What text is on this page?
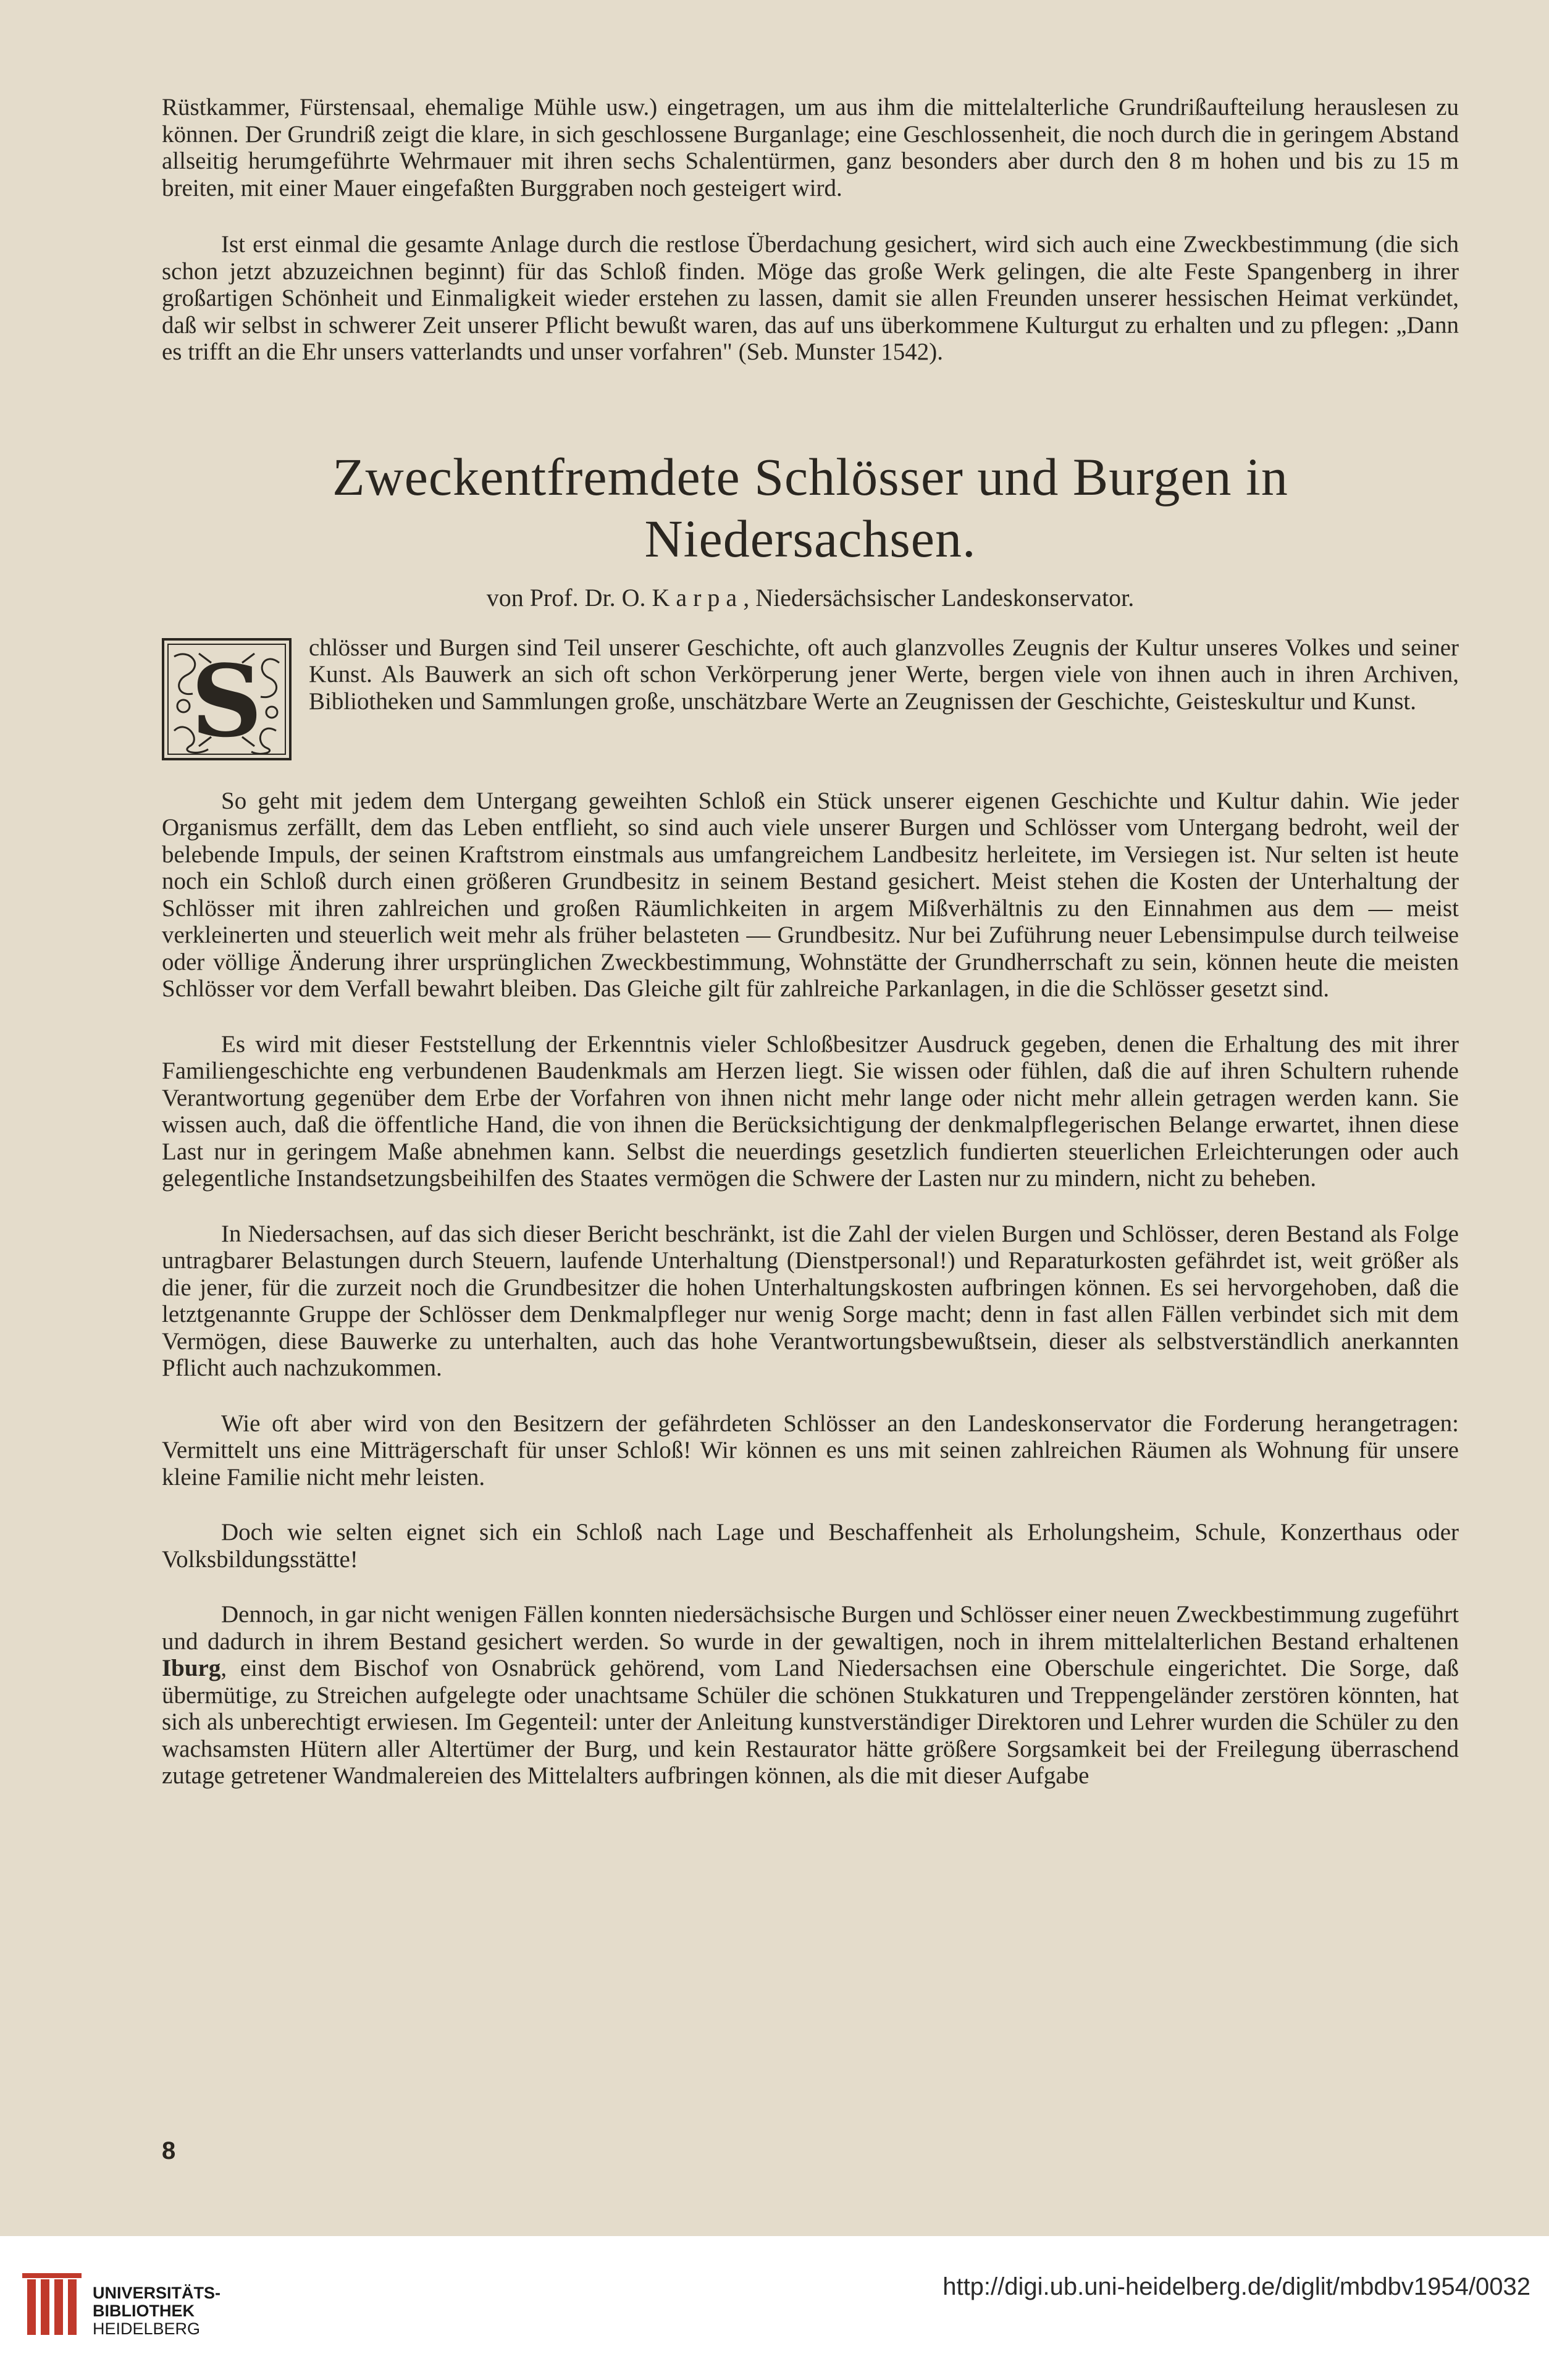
Rüstkammer, Fürstensaal, ehemalige Mühle usw.) eingetragen, um aus ihm die mittelalterliche Grundrißaufteilung herauslesen zu können. Der Grundriß zeigt die klare, in sich geschlossene Burganlage; eine Geschlossenheit, die noch durch die in geringem Abstand allseitig herumgeführte Wehrmauer mit ihren sechs Schalentürmen, ganz besonders aber durch den 8 m hohen und bis zu 15 m breiten, mit einer Mauer eingefaßten Burggraben noch gesteigert wird.

Ist erst einmal die gesamte Anlage durch die restlose Überdachung gesichert, wird sich auch eine Zweckbestimmung (die sich schon jetzt abzuzeichnen beginnt) für das Schloß finden. Möge das große Werk gelingen, die alte Feste Spangenberg in ihrer großartigen Schönheit und Einmaligkeit wieder erstehen zu lassen, damit sie allen Freunden unserer hessischen Heimat verkündet, daß wir selbst in schwerer Zeit unserer Pflicht bewußt waren, das auf uns überkommene Kulturgut zu erhalten und zu pflegen: „Dann es trifft an die Ehr unsers vatterlandts und unser vorfahren" (Seb. Munster 1542).

Zweckentfremdete Schlösser und Burgen in Niedersachsen.

von Prof. Dr. O. Karpa, Niedersächsischer Landeskonservator.

S chlösser und Burgen sind Teil unserer Geschichte, oft auch glanzvolles Zeugnis der Kultur unseres Volkes und seiner Kunst. Als Bauwerk an sich oft schon Verkörperung jener Werte, bergen viele von ihnen auch in ihren Archiven, Bibliotheken und Sammlungen große, unschätzbare Werte an Zeugnissen der Geschichte, Geisteskultur und Kunst.

So geht mit jedem dem Untergang geweihten Schloß ein Stück unserer eigenen Geschichte und Kultur dahin. Wie jeder Organismus zerfällt, dem das Leben entflieht, so sind auch viele unserer Burgen und Schlösser vom Untergang bedroht, weil der belebende Impuls, der seinen Kraftstrom einstmals aus umfangreichem Landbesitz herleitete, im Versiegen ist. Nur selten ist heute noch ein Schloß durch einen größeren Grundbesitz in seinem Bestand gesichert. Meist stehen die Kosten der Unterhaltung der Schlösser mit ihren zahlreichen und großen Räumlichkeiten in argem Mißverhältnis zu den Einnahmen aus dem — meist verkleinerten und steuerlich weit mehr als früher belasteten — Grundbesitz. Nur bei Zuführung neuer Lebensimpulse durch teilweise oder völlige Änderung ihrer ursprünglichen Zweckbestimmung, Wohnstätte der Grundherrschaft zu sein, können heute die meisten Schlösser vor dem Verfall bewahrt bleiben. Das Gleiche gilt für zahlreiche Parkanlagen, in die die Schlösser gesetzt sind.

Es wird mit dieser Feststellung der Erkenntnis vieler Schloßbesitzer Ausdruck gegeben, denen die Erhaltung des mit ihrer Familiengeschichte eng verbundenen Baudenkmals am Herzen liegt. Sie wissen oder fühlen, daß die auf ihren Schultern ruhende Verantwortung gegenüber dem Erbe der Vorfahren von ihnen nicht mehr lange oder nicht mehr allein getragen werden kann. Sie wissen auch, daß die öffentliche Hand, die von ihnen die Berücksichtigung der denkmalpflegerischen Belange erwartet, ihnen diese Last nur in geringem Maße abnehmen kann. Selbst die neuerdings gesetzlich fundierten steuerlichen Erleichterungen oder auch gelegentliche Instandsetzungsbeihilfen des Staates vermögen die Schwere der Lasten nur zu mindern, nicht zu beheben.

In Niedersachsen, auf das sich dieser Bericht beschränkt, ist die Zahl der vielen Burgen und Schlösser, deren Bestand als Folge untragbarer Belastungen durch Steuern, laufende Unterhaltung (Dienstpersonal!) und Reparaturkosten gefährdet ist, weit größer als die jener, für die zurzeit noch die Grundbesitzer die hohen Unterhaltungskosten aufbringen können. Es sei hervorgehoben, daß die letztgenannte Gruppe der Schlösser dem Denkmalpfleger nur wenig Sorge macht; denn in fast allen Fällen verbindet sich mit dem Vermögen, diese Bauwerke zu unterhalten, auch das hohe Verantwortungsbewußtsein, dieser als selbstverständlich anerkannten Pflicht auch nachzukommen.

Wie oft aber wird von den Besitzern der gefährdeten Schlösser an den Landeskonservator die Forderung herangetragen: Vermittelt uns eine Mitträgerschaft für unser Schloß! Wir können es uns mit seinen zahlreichen Räumen als Wohnung für unsere kleine Familie nicht mehr leisten.

Doch wie selten eignet sich ein Schloß nach Lage und Beschaffenheit als Erholungsheim, Schule, Konzerthaus oder Volksbildungsstätte!

Dennoch, in gar nicht wenigen Fällen konnten niedersächsische Burgen und Schlösser einer neuen Zweckbestimmung zugeführt und dadurch in ihrem Bestand gesichert werden. So wurde in der gewaltigen, noch in ihrem mittelalterlichen Bestand erhaltenen Iburg, einst dem Bischof von Osnabrück gehörend, vom Land Niedersachsen eine Oberschule eingerichtet. Die Sorge, daß übermütige, zu Streichen aufgelegte oder unachtsame Schüler die schönen Stukkaturen und Treppengeländer zerstören könnten, hat sich als unberechtigt erwiesen. Im Gegenteil: unter der Anleitung kunstverständiger Direktoren und Lehrer wurden die Schüler zu den wachsamsten Hütern aller Altertümer der Burg, und kein Restaurator hätte größere Sorgsamkeit bei der Freilegung überraschend zutage getretener Wandmalereien des Mittelalters aufbringen können, als die mit dieser Aufgabe

8
UNIVERSITÄTS-
BIBLIOTHEK
HEIDELBERG
http://digi.ub.uni-heidelberg.de/diglit/mbdbv1954/0032
